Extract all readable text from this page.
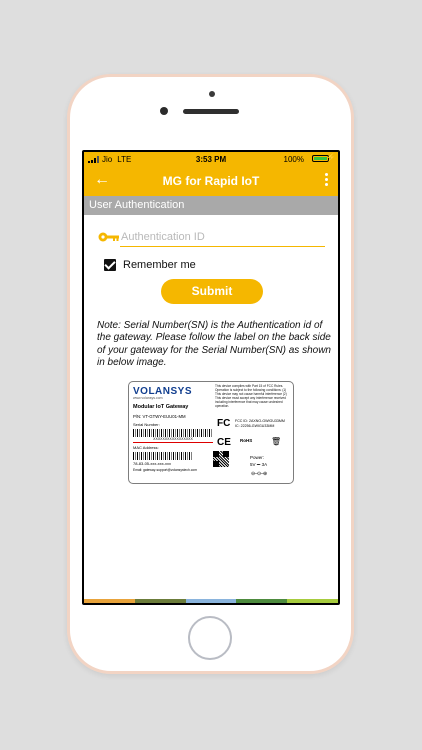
Jio LTE	3:53 PM	100%	⚡
←	MG for Rapid IoT
User Authentication
Authentication ID
Remember me
Submit
Note: Serial Number(SN) is the Authentication id of the gateway. Please follow the label on the back side of your gateway for the Serial Number(SN) as shown in below image.
VOLANSYS
www.volansys.com
Modular IoT Gateway
P/N: VT-GTWY-EUU01-MM
Serial Number:
XXXXXXXXXXXXXXXXX
MAC Address:
78-83-05-xxx-xxx-xxx
Email: gateway-support@volansystech.com
This device complies with Part 15 of FCC Rules. Operation is subject to the following conditions: (1) This device may not cause harmful interference (2) This device must accept any interference received including interference that may cause undesired operation.
FC FCC ID: 2AXNO-GWIGU33MM
IC: 22256-GWIGU33MM
CE RoHS 🗑
Power:
5V ⎓ 3A
⊖–⊙–⊕
